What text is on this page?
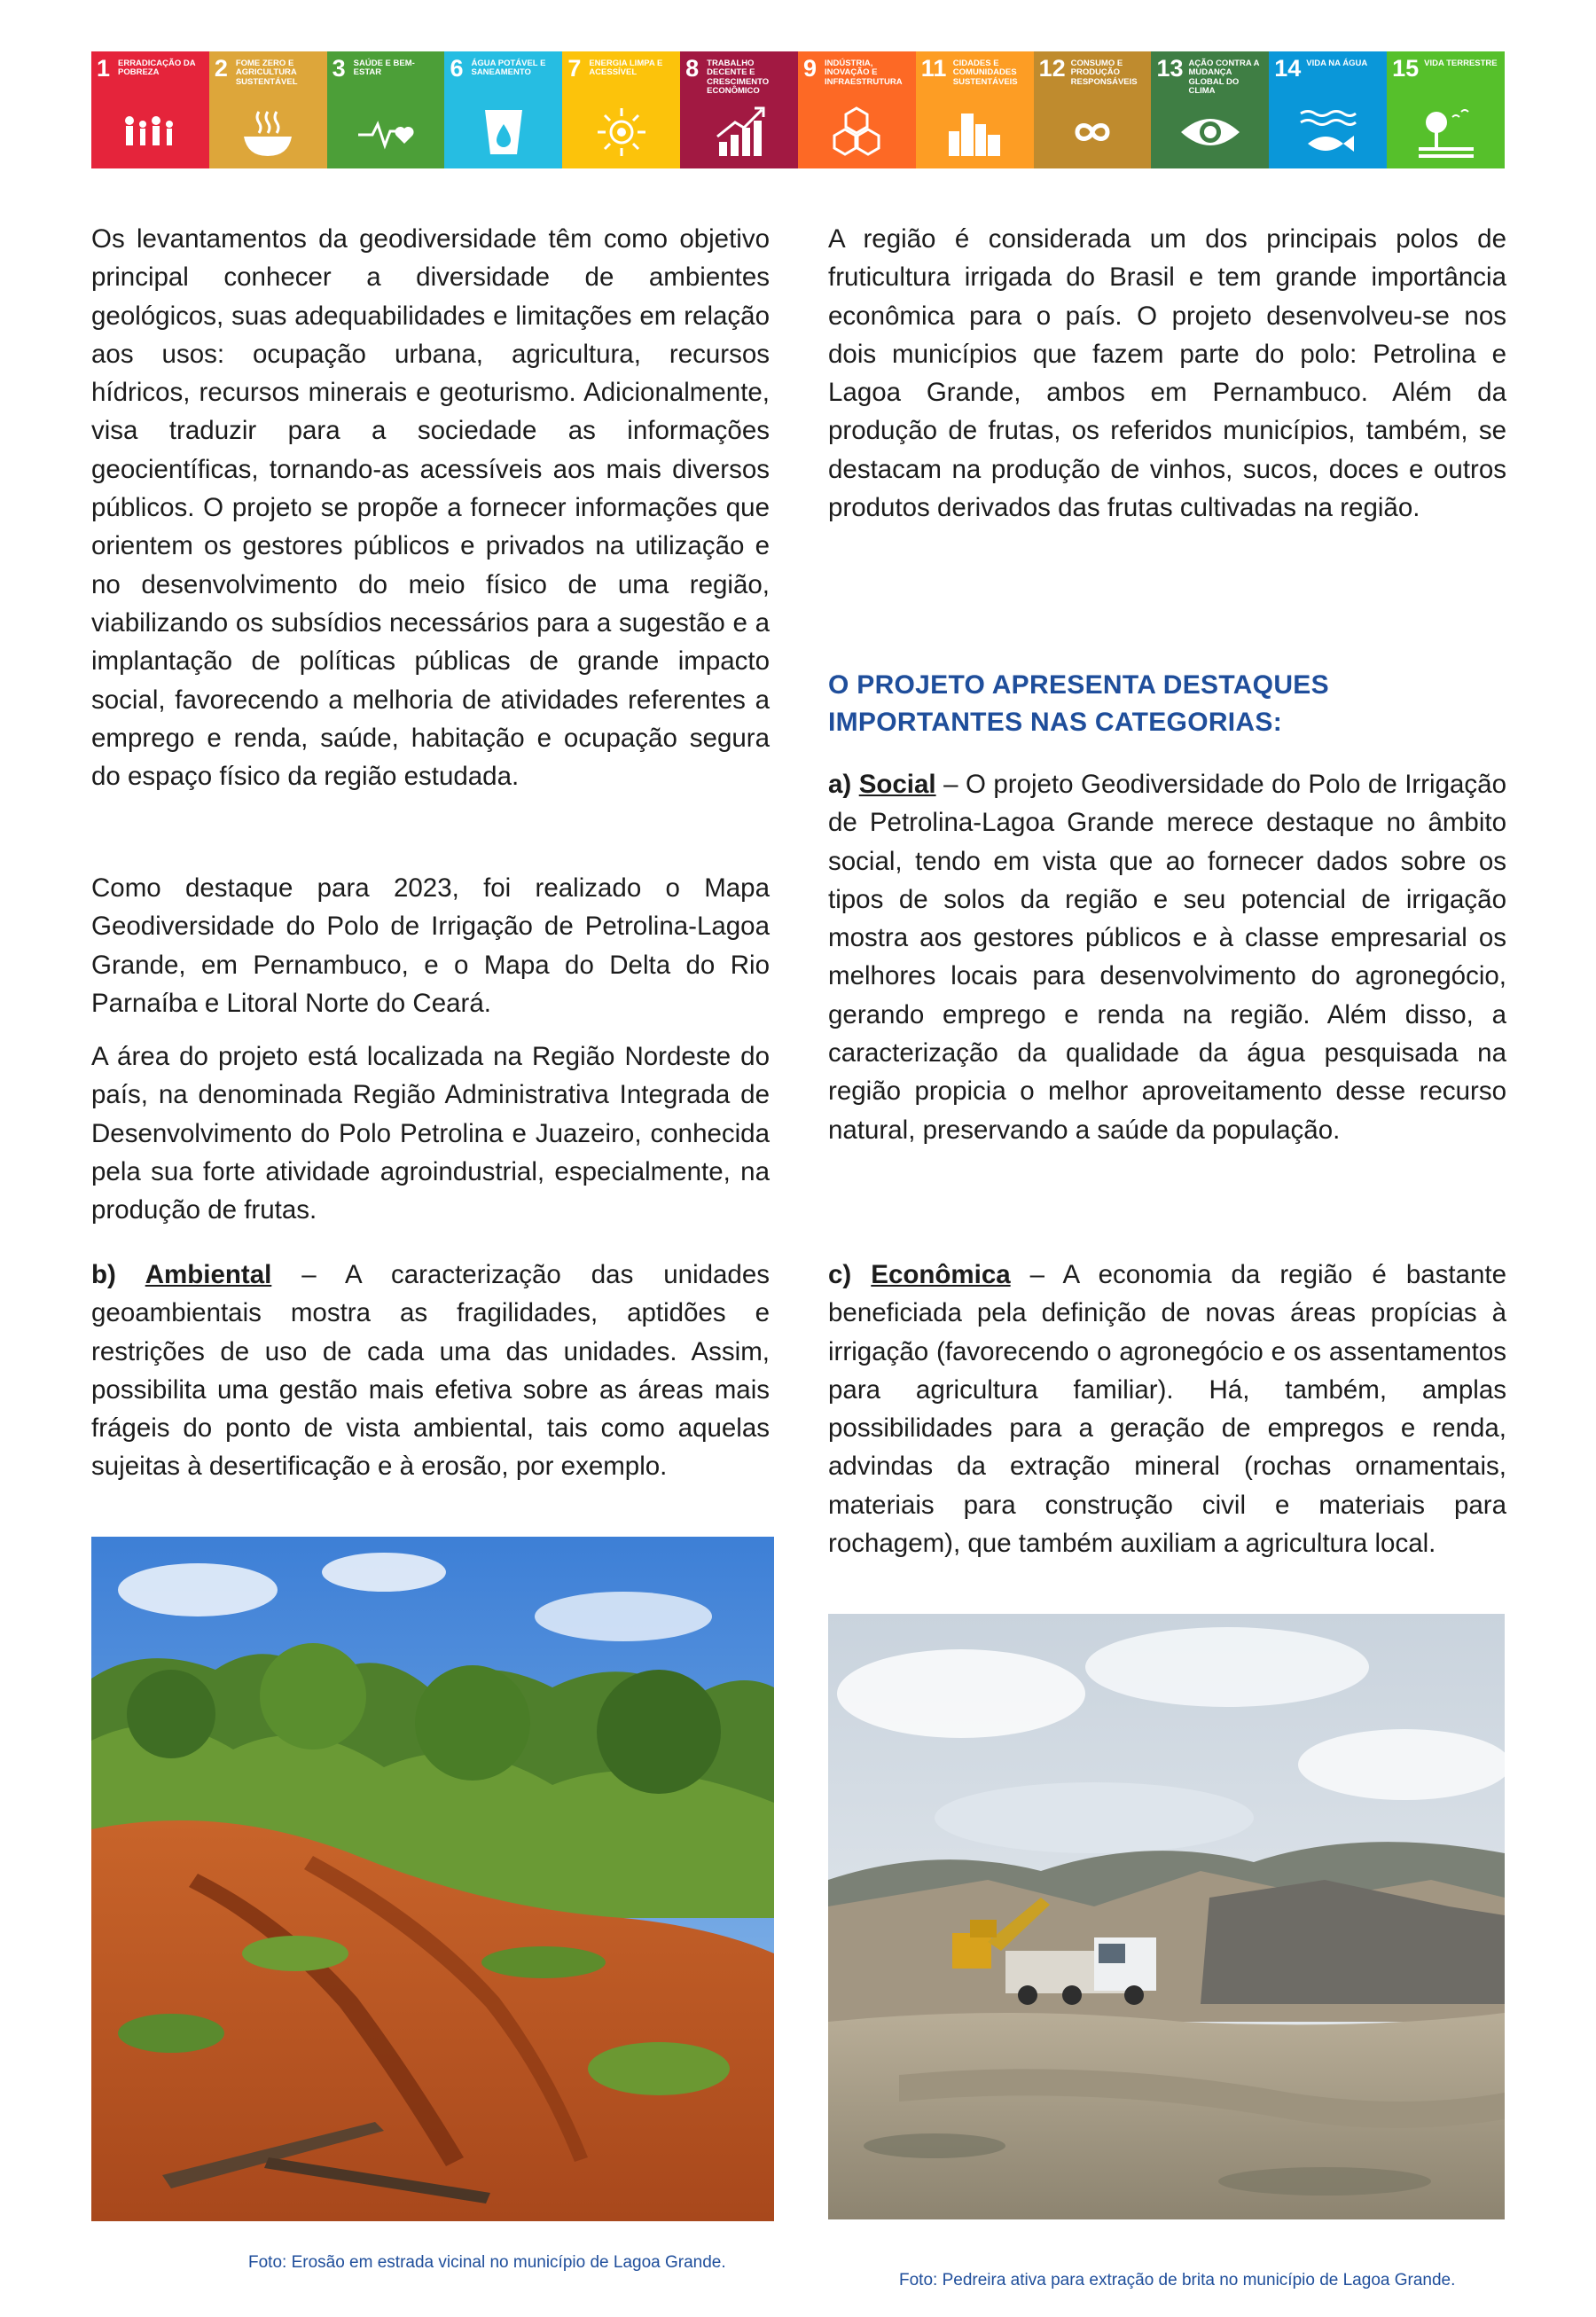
1 ERRADICAÇÃO DA POBREZA	2 FOME ZERO E AGRICULTURA SUSTENTÁVEL
3 SAÚDE E BEM-ESTAR	6 ÁGUA POTÁVEL E SANEAMENTO	7 ENERGIA LIMPA E ACESSÍVEL	8 TRABALHO DECENTE E CRESCIMENTO ECONÔMICO
9 INDÚSTRIA, INOVAÇÃO E INFRAESTRUTURA
11 CIDADES E COMUNIDADES SUSTENTÁVEIS
12 CONSUMO E PRODUÇÃO RESPONSÁVEIS
13 AÇÃO CONTRA A MUDANÇA GLOBAL DO CLIMA
14 VIDA NA ÁGUA	15 VIDA TERRESTRE

Os levantamentos da geodiversidade têm como objetivo principal conhecer a diversidade de ambientes geológicos, suas adequabilidades e limitações em relação aos usos: ocupação urbana, agricultura, recursos hídricos, recursos minerais e geoturismo. Adicionalmente, visa traduzir para a sociedade as informações geocientíficas, tornando-as acessíveis aos mais diversos públicos. O projeto se propõe a fornecer informações que orientem os gestores públicos e privados na utilização e no desenvolvimento do meio físico de uma região, viabilizando os subsídios necessários para a sugestão e a implantação de políticas públicas de grande impacto social, favorecendo a melhoria de atividades referentes a emprego e renda, saúde, habitação e ocupação segura do espaço físico da região estudada.

Como destaque para 2023, foi realizado o Mapa Geodiversidade do Polo de Irrigação de Petrolina-Lagoa Grande, em Pernambuco, e o Mapa do Delta do Rio Parnaíba e Litoral Norte do Ceará.

A área do projeto está localizada na Região Nordeste do país, na denominada Região Administrativa Integrada de Desenvolvimento do Polo Petrolina e Juazeiro, conhecida pela sua forte atividade agroindustrial, especialmente, na produção de frutas.

b) Ambiental – A caracterização das unidades geoambientais mostra as fragilidades, aptidões e restrições de uso de cada uma das unidades. Assim, possibilita uma gestão mais efetiva sobre as áreas mais frágeis do ponto de vista ambiental, tais como aquelas sujeitas à desertificação e à erosão, por exemplo.

Foto: Erosão em estrada vicinal no município de Lagoa Grande.

A região é considerada um dos principais polos de fruticultura irrigada do Brasil e tem grande importância econômica para o país. O projeto desenvolveu-se nos dois municípios que fazem parte do polo: Petrolina e Lagoa Grande, ambos em Pernambuco. Além da produção de frutas, os referidos municípios, também, se destacam na produção de vinhos, sucos, doces e outros produtos derivados das frutas cultivadas na região.

O PROJETO APRESENTA DESTAQUES IMPORTANTES NAS CATEGORIAS:

a) Social – O projeto Geodiversidade do Polo de Irrigação de Petrolina-Lagoa Grande merece destaque no âmbito social, tendo em vista que ao fornecer dados sobre os tipos de solos da região e seu potencial de irrigação mostra aos gestores públicos e à classe empresarial os melhores locais para desenvolvimento do agronegócio, gerando emprego e renda na região. Além disso, a caracterização da qualidade da água pesquisada na região propicia o melhor aproveitamento desse recurso natural, preservando a saúde da população.

c) Econômica – A economia da região é bastante beneficiada pela definição de novas áreas propícias à irrigação (favorecendo o agronegócio e os assentamentos para agricultura familiar). Há, também, amplas possibilidades para a geração de empregos e renda, advindas da extração mineral (rochas ornamentais, materiais para construção civil e materiais para rochagem), que também auxiliam a agricultura local.

Foto: Pedreira ativa para extração de brita no município de Lagoa Grande.
